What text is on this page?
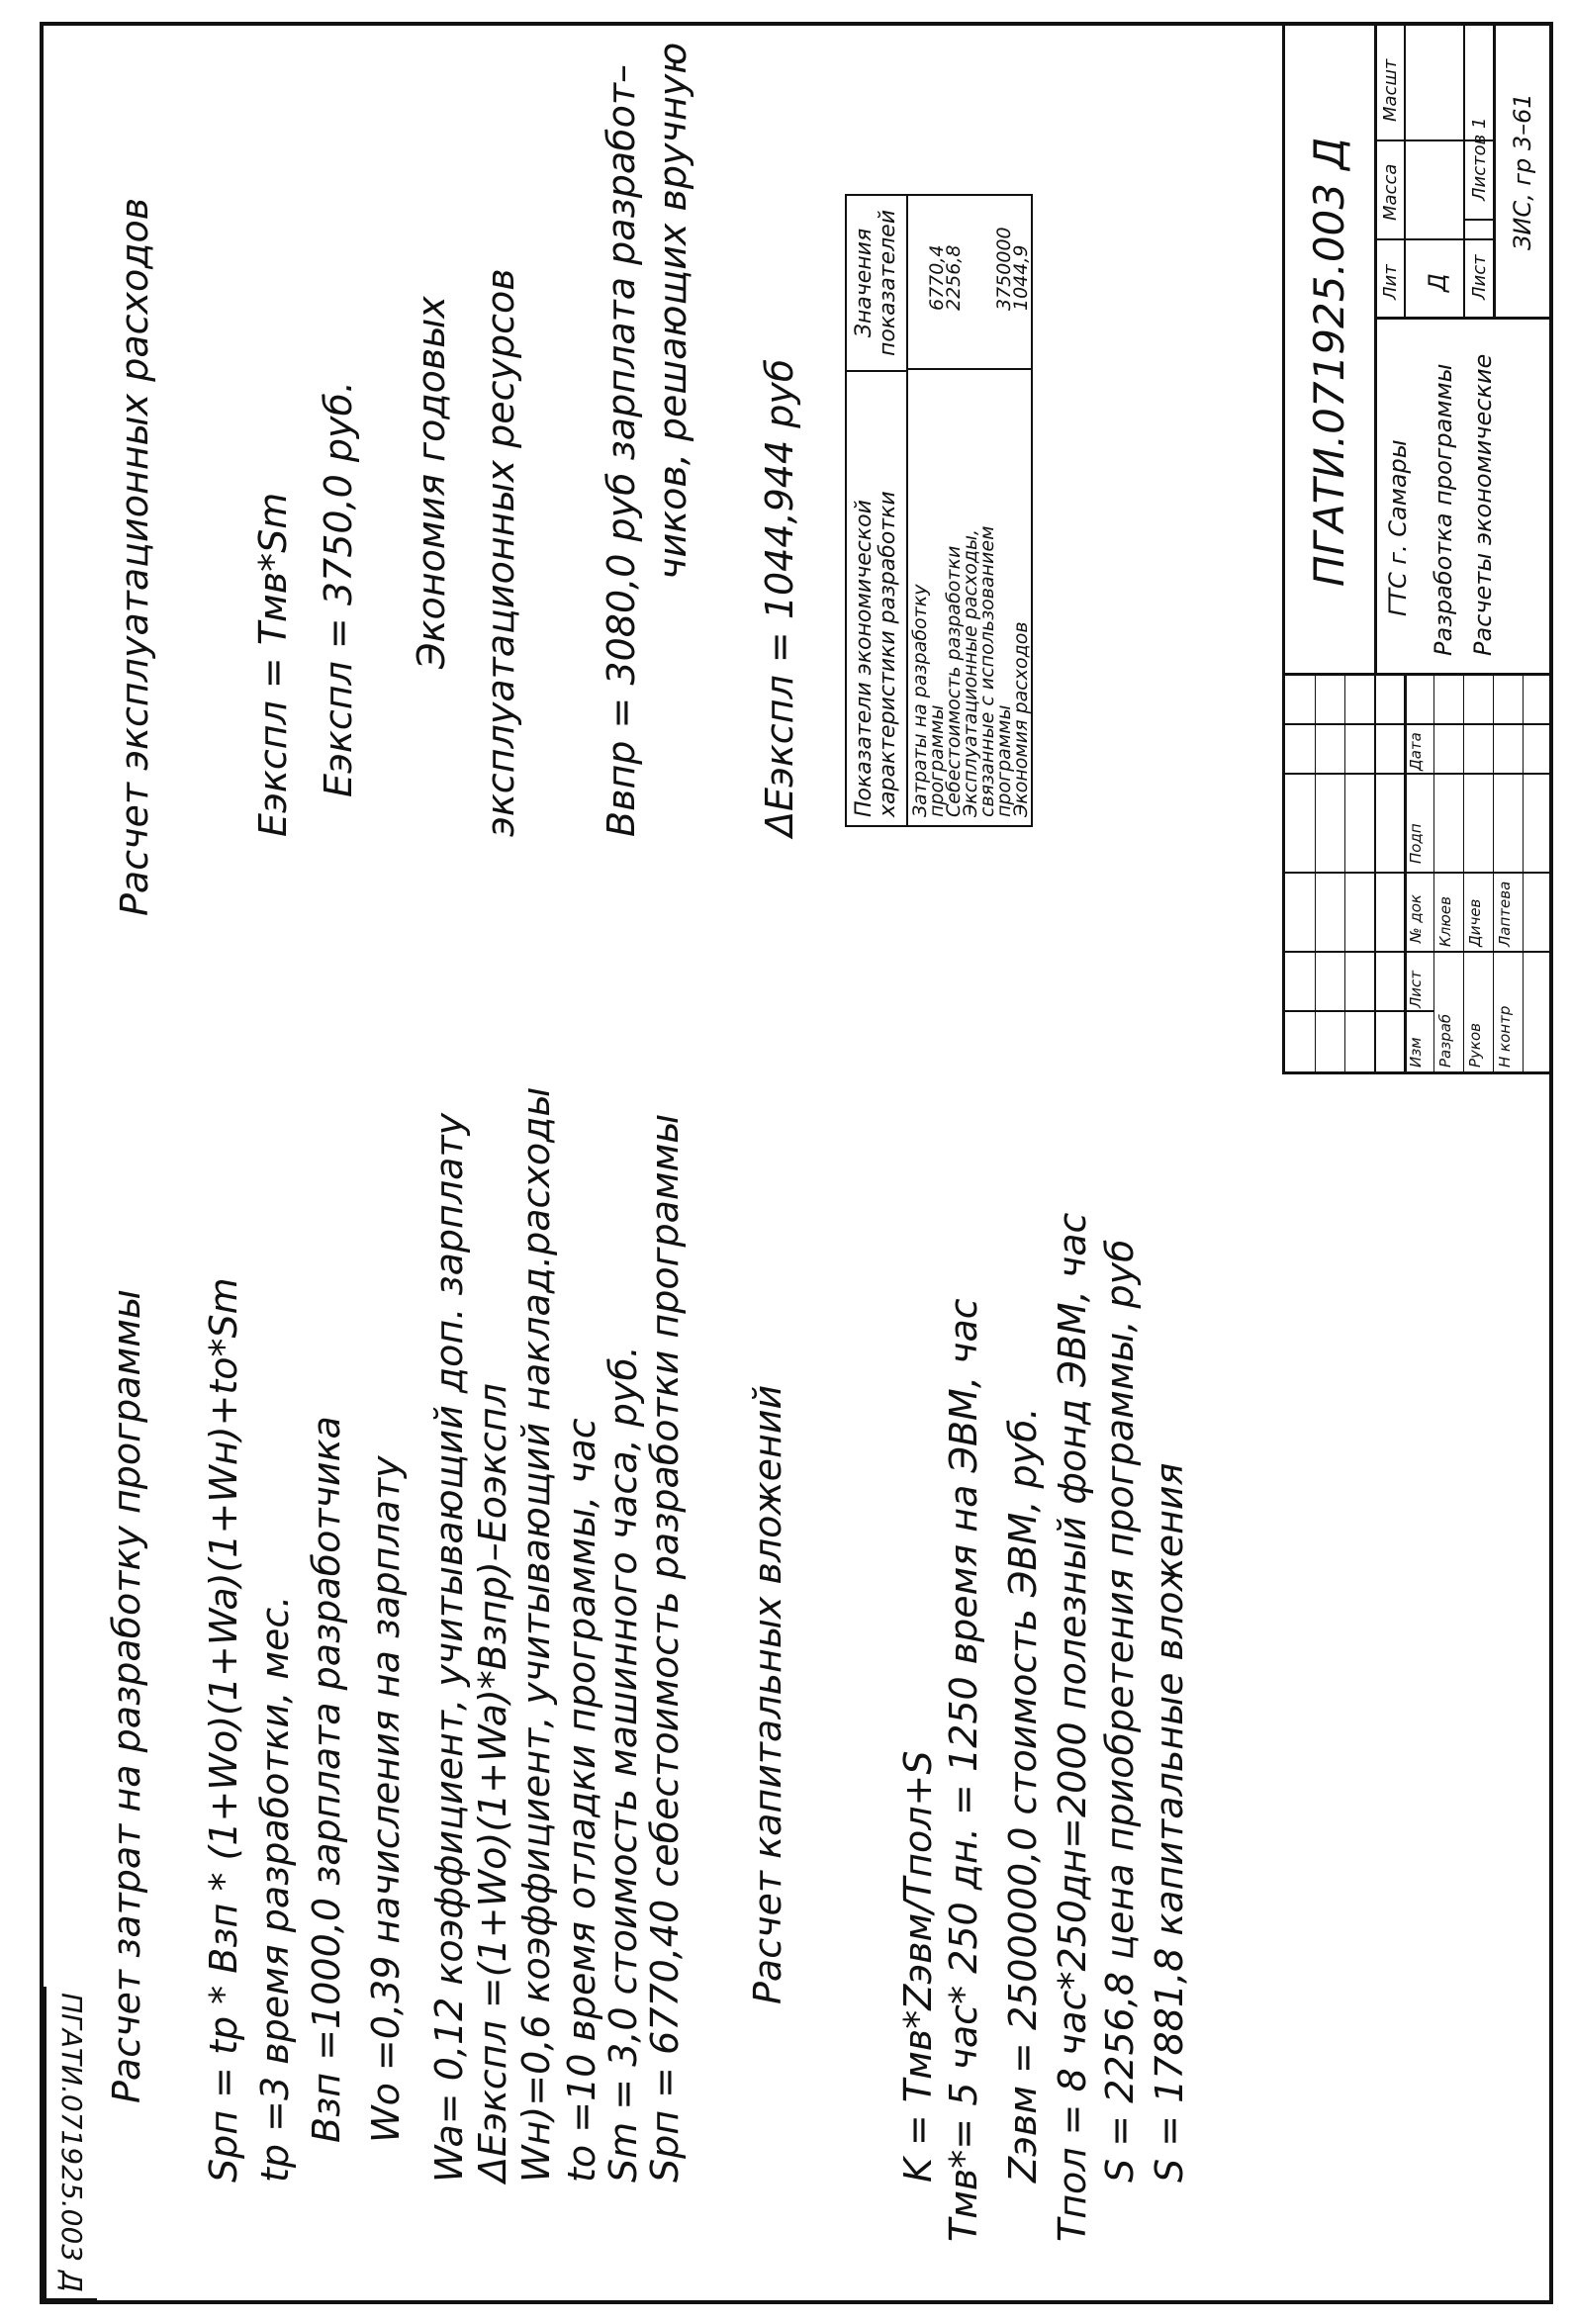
ПГАТИ.071925.003 Д
Расчет затрат на разработку программы Sрп = tр * Взп * (1+Wo)(1+Wa)(1+Wн)+to*Sm tр =3 время разработки, мес. Взп =1000,0 зарплата разработчика Wo =0,39 начисления на зарплату Wa= 0,12 коэффициент, учитывающий доп. зарплату ΔEэкспл =(1+Wo)(1+Wa)*Взпр)–Eоэкспл Wн)=0,6 коэффициент, учитывающий наклад.расходы to =10 время отладки программы, час
Sm = 3,0 стоимость машинного часа, руб.
Sрп = 6770,40 себестоимость разработки программы Расчет капитальных вложений	K = Tмв*Zэвм/Tпол+S Tмв*= 5 час* 250 дн. = 1250 время на ЭВМ, час Zэвм = 2500000,0 стоимость ЭВМ, руб. Tпол = 8 час*250дн=2000 полезный фонд ЭВМ, час S = 2256,8 цена приобретения программы, руб S = 17881,8 капитальные вложения
Расчет эксплуатационных расходов	Eэкспл = Tмв*Sm Eэкспл = 3750,0 руб. Экономия годовых эксплуатационных ресурсов Ввпр = 3080,0 руб зарплата разработ– чиков, решающих вручную
ΔEэкспл = 1044,944 руб Показатели экономической характеристики разработки
Значения показателей
Затраты на разработку
программы
Себестоимость разработки
Эксплуатационные расходы,
связанные с использованием
программы
Экономия расходов
6770,4
2256,8 3750000
1044,9
Изм
Лист
№ док
Подп
Дата
Разраб Руков Н контр
Клюев Дичев Лаптева
ПГАТИ.071925.003 Д ГТС г. Самары Разработка программы Расчеты экономические
Лит
Масса
Масшт
Д Лист
Листов 1 ЗИС, гр 3–61
